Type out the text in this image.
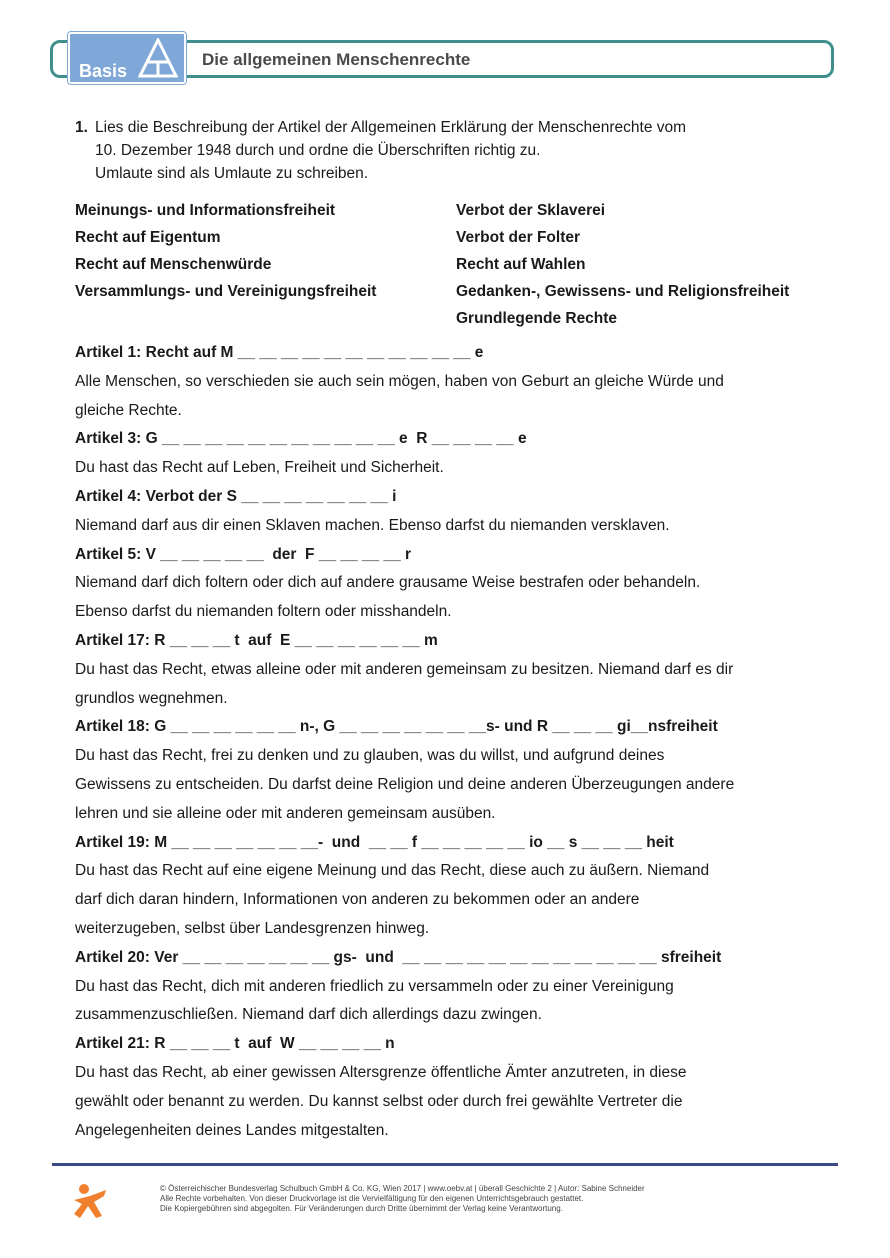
Basis
Die allgemeinen Menschenrechte
1. Lies die Beschreibung der Artikel der Allgemeinen Erklärung der Menschenrechte vom
10. Dezember 1948 durch und ordne die Überschriften richtig zu.
Umlaute sind als Umlaute zu schreiben.
Meinungs- und Informationsfreiheit
Recht auf Eigentum
Recht auf Menschenwürde
Versammlungs- und Vereinigungsfreiheit
Verbot der Sklaverei
Verbot der Folter
Recht auf Wahlen
Gedanken-, Gewissens- und Religionsfreiheit
Grundlegende Rechte
Artikel 1: Recht auf M __ __ __ __ __ __ __ __ __ __ __ e
Alle Menschen, so verschieden sie auch sein mögen, haben von Geburt an gleiche Würde und
gleiche Rechte.
Artikel 3: G __ __ __ __ __ __ __ __ __ __ __ e  R __ __ __ __ e
Du hast das Recht auf Leben, Freiheit und Sicherheit.
Artikel 4: Verbot der S __ __ __ __ __ __ __ i
Niemand darf aus dir einen Sklaven machen. Ebenso darfst du niemanden versklaven.
Artikel 5: V __ __ __ __ __  der  F __ __ __ __ r
Niemand darf dich foltern oder dich auf andere grausame Weise bestrafen oder behandeln.
Ebenso darfst du niemanden foltern oder misshandeln.
Artikel 17: R __ __ __ t  auf  E __ __ __ __ __ __ m
Du hast das Recht, etwas alleine oder mit anderen gemeinsam zu besitzen. Niemand darf es dir
grundlos wegnehmen.
Artikel 18: G __ __ __ __ __ __ n-, G __ __ __ __ __ __ __s- und R __ __ __ gi__nsfreiheit
Du hast das Recht, frei zu denken und zu glauben, was du willst, und aufgrund deines
Gewissens zu entscheiden. Du darfst deine Religion und deine anderen Überzeugungen andere
lehren und sie alleine oder mit anderen gemeinsam ausüben.
Artikel 19: M __ __ __ __ __ __ __-  und  __ __ f __ __ __ __ __ io __ s __ __ __ heit
Du hast das Recht auf eine eigene Meinung und das Recht, diese auch zu äußern. Niemand
darf dich daran hindern, Informationen von anderen zu bekommen oder an andere
weiterzugeben, selbst über Landesgrenzen hinweg.
Artikel 20: Ver __ __ __ __ __ __ __ gs-  und  __ __ __ __ __ __ __ __ __ __ __ __ sfreiheit
Du hast das Recht, dich mit anderen friedlich zu versammeln oder zu einer Vereinigung
zusammenzuschließen. Niemand darf dich allerdings dazu zwingen.
Artikel 21: R __ __ __ t  auf  W __ __ __ __ n
Du hast das Recht, ab einer gewissen Altersgrenze öffentliche Ämter anzutreten, in diese
gewählt oder benannt zu werden. Du kannst selbst oder durch frei gewählte Vertreter die
Angelegenheiten deines Landes mitgestalten.
© Österreichischer Bundesverlag Schulbuch GmbH & Co. KG, Wien 2017 | www.oebv.at | überall Geschichte 2 | Autor: Sabine Schneider
Alle Rechte vorbehalten. Von dieser Druckvorlage ist die Vervielfältigung für den eigenen Unterrichtsgebrauch gestattet.
Die Kopiergebühren sind abgegolten. Für Veränderungen durch Dritte übernimmt der Verlag keine Verantwortung.
